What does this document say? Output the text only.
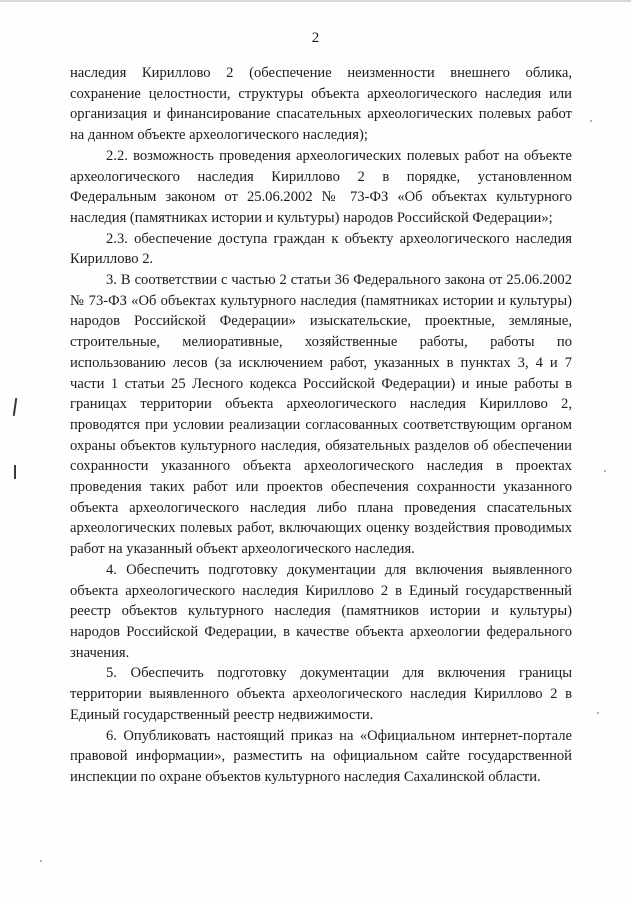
2

наследия Кириллово 2 (обеспечение неизменности внешнего облика, сохранение целостности, структуры объекта археологического наследия или организация и финансирование спасательных археологических полевых работ на данном объекте археологического наследия);

2.2. возможность проведения археологических полевых работ на объекте археологического наследия Кириллово 2 в порядке, установленном Федеральным законом от 25.06.2002 № 73-ФЗ «Об объектах культурного наследия (памятниках истории и культуры) народов Российской Федерации»;

2.3. обеспечение доступа граждан к объекту археологического наследия Кириллово 2.

3. В соответствии с частью 2 статьи 36 Федерального закона от 25.06.2002 № 73-ФЗ «Об объектах культурного наследия (памятниках истории и культуры) народов Российской Федерации» изыскательские, проектные, земляные, строительные, мелиоративные, хозяйственные работы, работы по использованию лесов (за исключением работ, указанных в пунктах 3, 4 и 7 части 1 статьи 25 Лесного кодекса Российской Федерации) и иные работы в границах территории объекта археологического наследия Кириллово 2, проводятся при условии реализации согласованных соответствующим органом охраны объектов культурного наследия, обязательных разделов об обеспечении сохранности указанного объекта археологического наследия в проектах проведения таких работ или проектов обеспечения сохранности указанного объекта археологического наследия либо плана проведения спасательных археологических полевых работ, включающих оценку воздействия проводимых работ на указанный объект археологического наследия.

4. Обеспечить подготовку документации для включения выявленного объекта археологического наследия Кириллово 2 в Единый государственный реестр объектов культурного наследия (памятников истории и культуры) народов Российской Федерации, в качестве объекта археологии федерального значения.

5. Обеспечить подготовку документации для включения границы территории выявленного объекта археологического наследия Кириллово 2 в Единый государственный реестр недвижимости.

6. Опубликовать настоящий приказ на «Официальном интернет-портале правовой информации», разместить на официальном сайте государственной инспекции по охране объектов культурного наследия Сахалинской области.
